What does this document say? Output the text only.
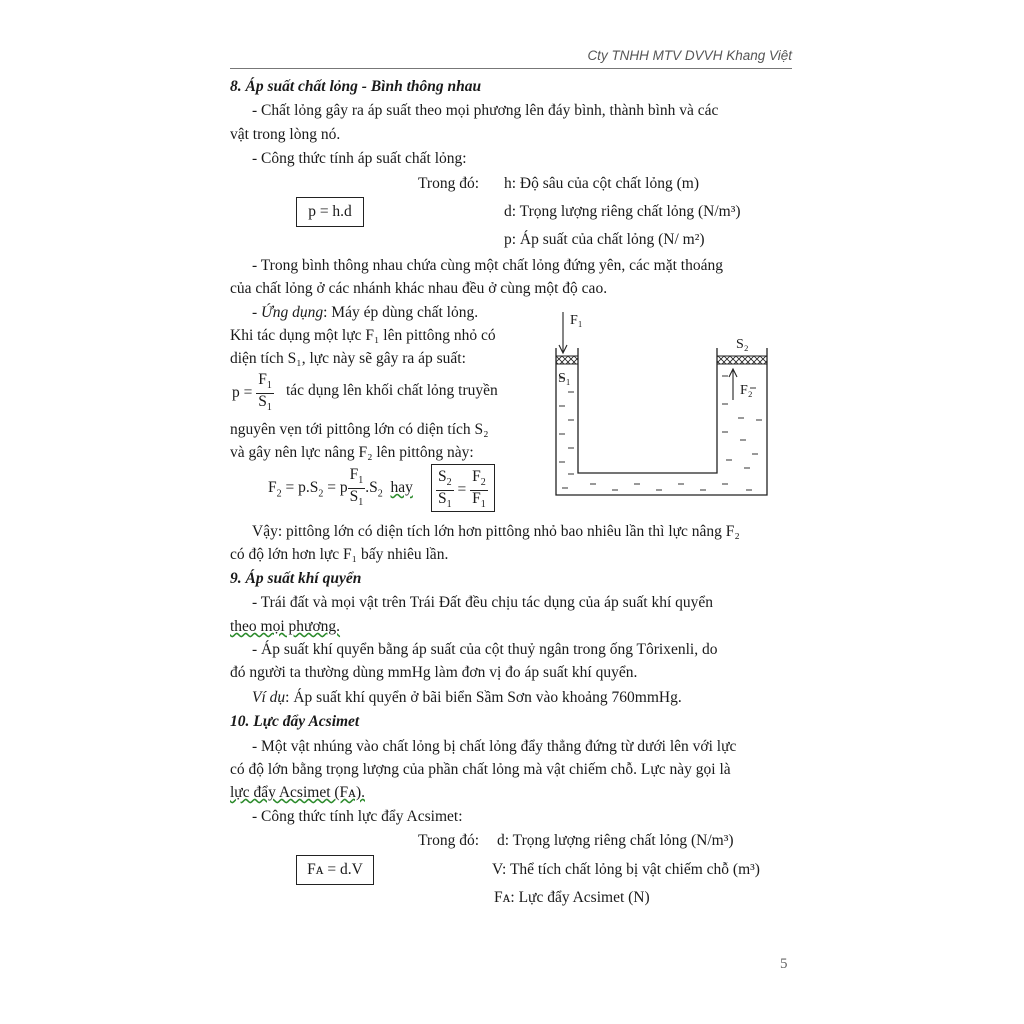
Cty TNHH MTV DVVH Khang Việt
8. Áp suất chất lỏng - Bình thông nhau
- Chất lỏng gây ra áp suất theo mọi phương lên đáy bình, thành bình và các
vật trong lòng nó.
- Công thức tính áp suất chất lỏng:
Trong đó: h: Độ sâu của cột chất lỏng (m)
p = h.d	d: Trọng lượng riêng chất lỏng (N/m³)
p: Áp suất của chất lỏng (N/ m²)
- Trong bình thông nhau chứa cùng một chất lỏng đứng yên, các mặt thoáng
của chất lỏng ở các nhánh khác nhau đều ở cùng một độ cao.
- Ứng dụng: Máy ép dùng chất lỏng.
Khi tác dụng một lực F₁ lên pittông nhỏ có
diện tích S₁, lực này sẽ gây ra áp suất:
$p = \frac{F_1}{S_1}$ tác dụng lên khối chất lỏng truyền
nguyên vẹn tới pittông lớn có diện tích S₂
và gây nên lực nâng F₂ lên pittông này:
$F_2 = p.S_2 = p \frac{F_1}{S_1} .S_2$ hay $\frac{S_2}{S_1} = \frac{F_2}{F_1}$
F₁
S₁
S₂
F₂
Vậy: pittông lớn có diện tích lớn hơn pittông nhỏ bao nhiêu lần thì lực nâng F₂
có độ lớn hơn lực F₁ bấy nhiêu lần.
9. Áp suất khí quyển
- Trái đất và mọi vật trên Trái Đất đều chịu tác dụng của áp suất khí quyển
theo mọi phương.
- Áp suất khí quyển bằng áp suất của cột thuỷ ngân trong ống Tôrixenli, do
đó người ta thường dùng mmHg làm đơn vị đo áp suất khí quyển.
Ví dụ: Áp suất khí quyển ở bãi biển Sầm Sơn vào khoảng 760mmHg.
10. Lực đẩy Acsimet
- Một vật nhúng vào chất lỏng bị chất lỏng đẩy thẳng đứng từ dưới lên với lực
có độ lớn bằng trọng lượng của phần chất lỏng mà vật chiếm chỗ. Lực này gọi là
lực đẩy Acsimet (Fᴀ).
- Công thức tính lực đẩy Acsimet:
Trong đó: d: Trọng lượng riêng chất lỏng (N/m³)
Fᴀ = d.V	V: Thể tích chất lỏng bị vật chiếm chỗ (m³)
Fᴀ: Lực đẩy Acsimet (N)
5
